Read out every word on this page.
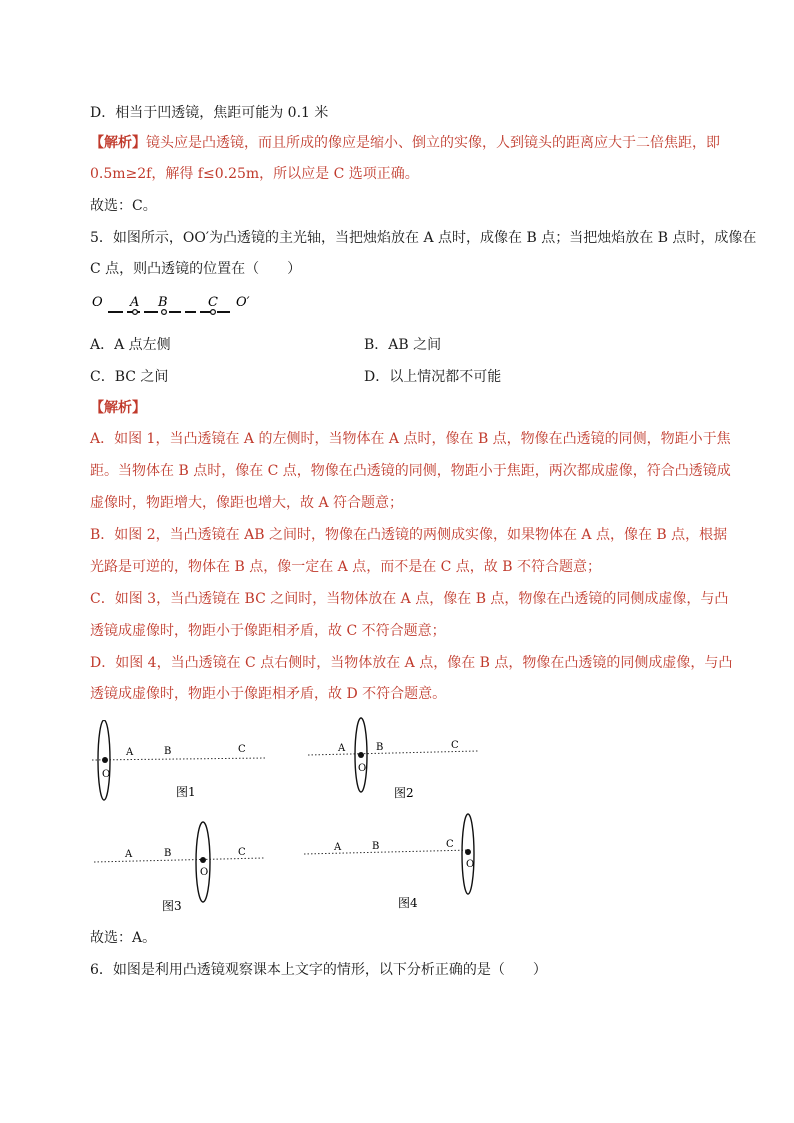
D．相当于凹透镜，焦距可能为 0.1 米
【解析】镜头应是凸透镜，而且所成的像应是缩小、倒立的实像，人到镜头的距离应大于二倍焦距，即
0.5m≥2f，解得 f≤0.25m，所以应是 C 选项正确。
故选：C。
5．如图所示，OO′为凸透镜的主光轴，当把烛焰放在 A 点时，成像在 B 点；当把烛焰放在 B 点时，成像在
C 点，则凸透镜的位置在（　　）
O A B	C O′
A．A 点左侧	B．AB 之间
C．BC 之间	D．以上情况都不可能
【解析】
A．如图 1，当凸透镜在 A 的左侧时，当物体在 A 点时，像在 B 点，物像在凸透镜的同侧，物距小于焦
距。当物体在 B 点时，像在 C 点，物像在凸透镜的同侧，物距小于焦距，两次都成虚像，符合凸透镜成
虚像时，物距增大，像距也增大，故 A 符合题意；
B．如图 2，当凸透镜在 AB 之间时，物像在凸透镜的两侧成实像，如果物体在 A 点，像在 B 点，根据
光路是可逆的，物体在 B 点，像一定在 A 点，而不是在 C 点，故 B 不符合题意；
C．如图 3，当凸透镜在 BC 之间时，当物体放在 A 点，像在 B 点，物像在凸透镜的同侧成虚像，与凸
透镜成虚像时，物距小于像距相矛盾，故 C 不符合题意；
D．如图 4，当凸透镜在 C 点右侧时，当物体放在 A 点，像在 B 点，物像在凸透镜的同侧成虚像，与凸
透镜成虚像时，物距小于像距相矛盾，故 D 不符合题意。
O
A	B	C
图1
O
A	B	C
图2
O
A	B	C
图3
O
A	B	C
图4
故选：A。
6．如图是利用凸透镜观察课本上文字的情形，以下分析正确的是（　　）
